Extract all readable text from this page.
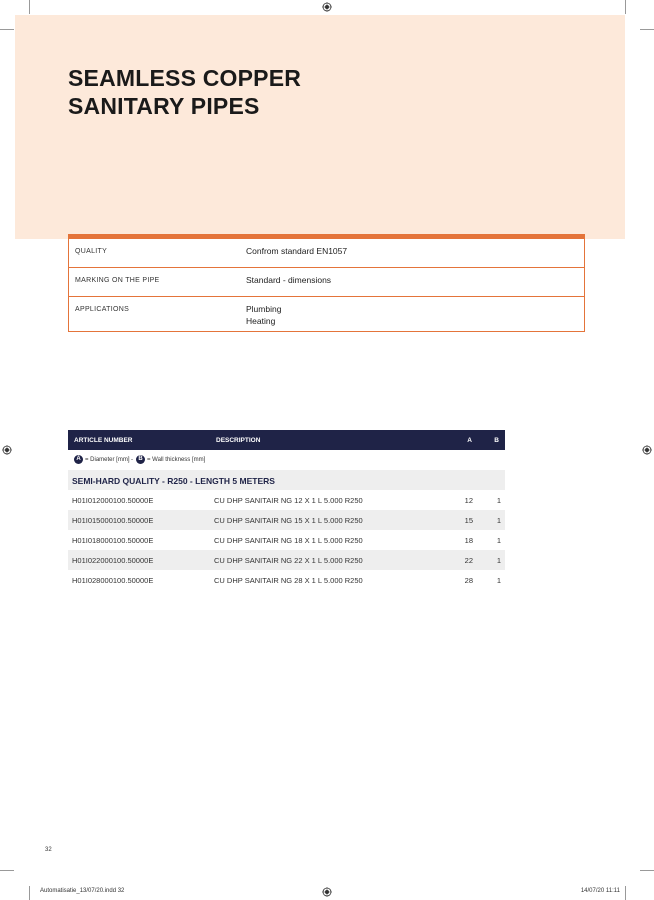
SEAMLESS COPPER
SANITARY PIPES
QUALITY	Confrom standard EN1057
MARKING ON THE PIPE	Standard - dimensions
APPLICATIONS	Plumbing
Heating
ARTICLE NUMBER	DESCRIPTION	A	B
A = Diameter [mm] - B = Wall thickness [mm]
SEMI-HARD QUALITY - R250 - LENGTH 5 METERS
H01I012000100.50000E	CU DHP SANITAIR NG 12 X 1 L 5.000 R250	12	1
H01I015000100.50000E	CU DHP SANITAIR NG 15 X 1 L 5.000 R250	15	1
H01I018000100.50000E	CU DHP SANITAIR NG 18 X 1 L 5.000 R250	18	1
H01I022000100.50000E	CU DHP SANITAIR NG 22 X 1 L 5.000 R250	22	1
H01I028000100.50000E	CU DHP SANITAIR NG 28 X 1 L 5.000 R250	28	1
32
Automatisatie_13/07/20.indd 32	14/07/20 11:11
